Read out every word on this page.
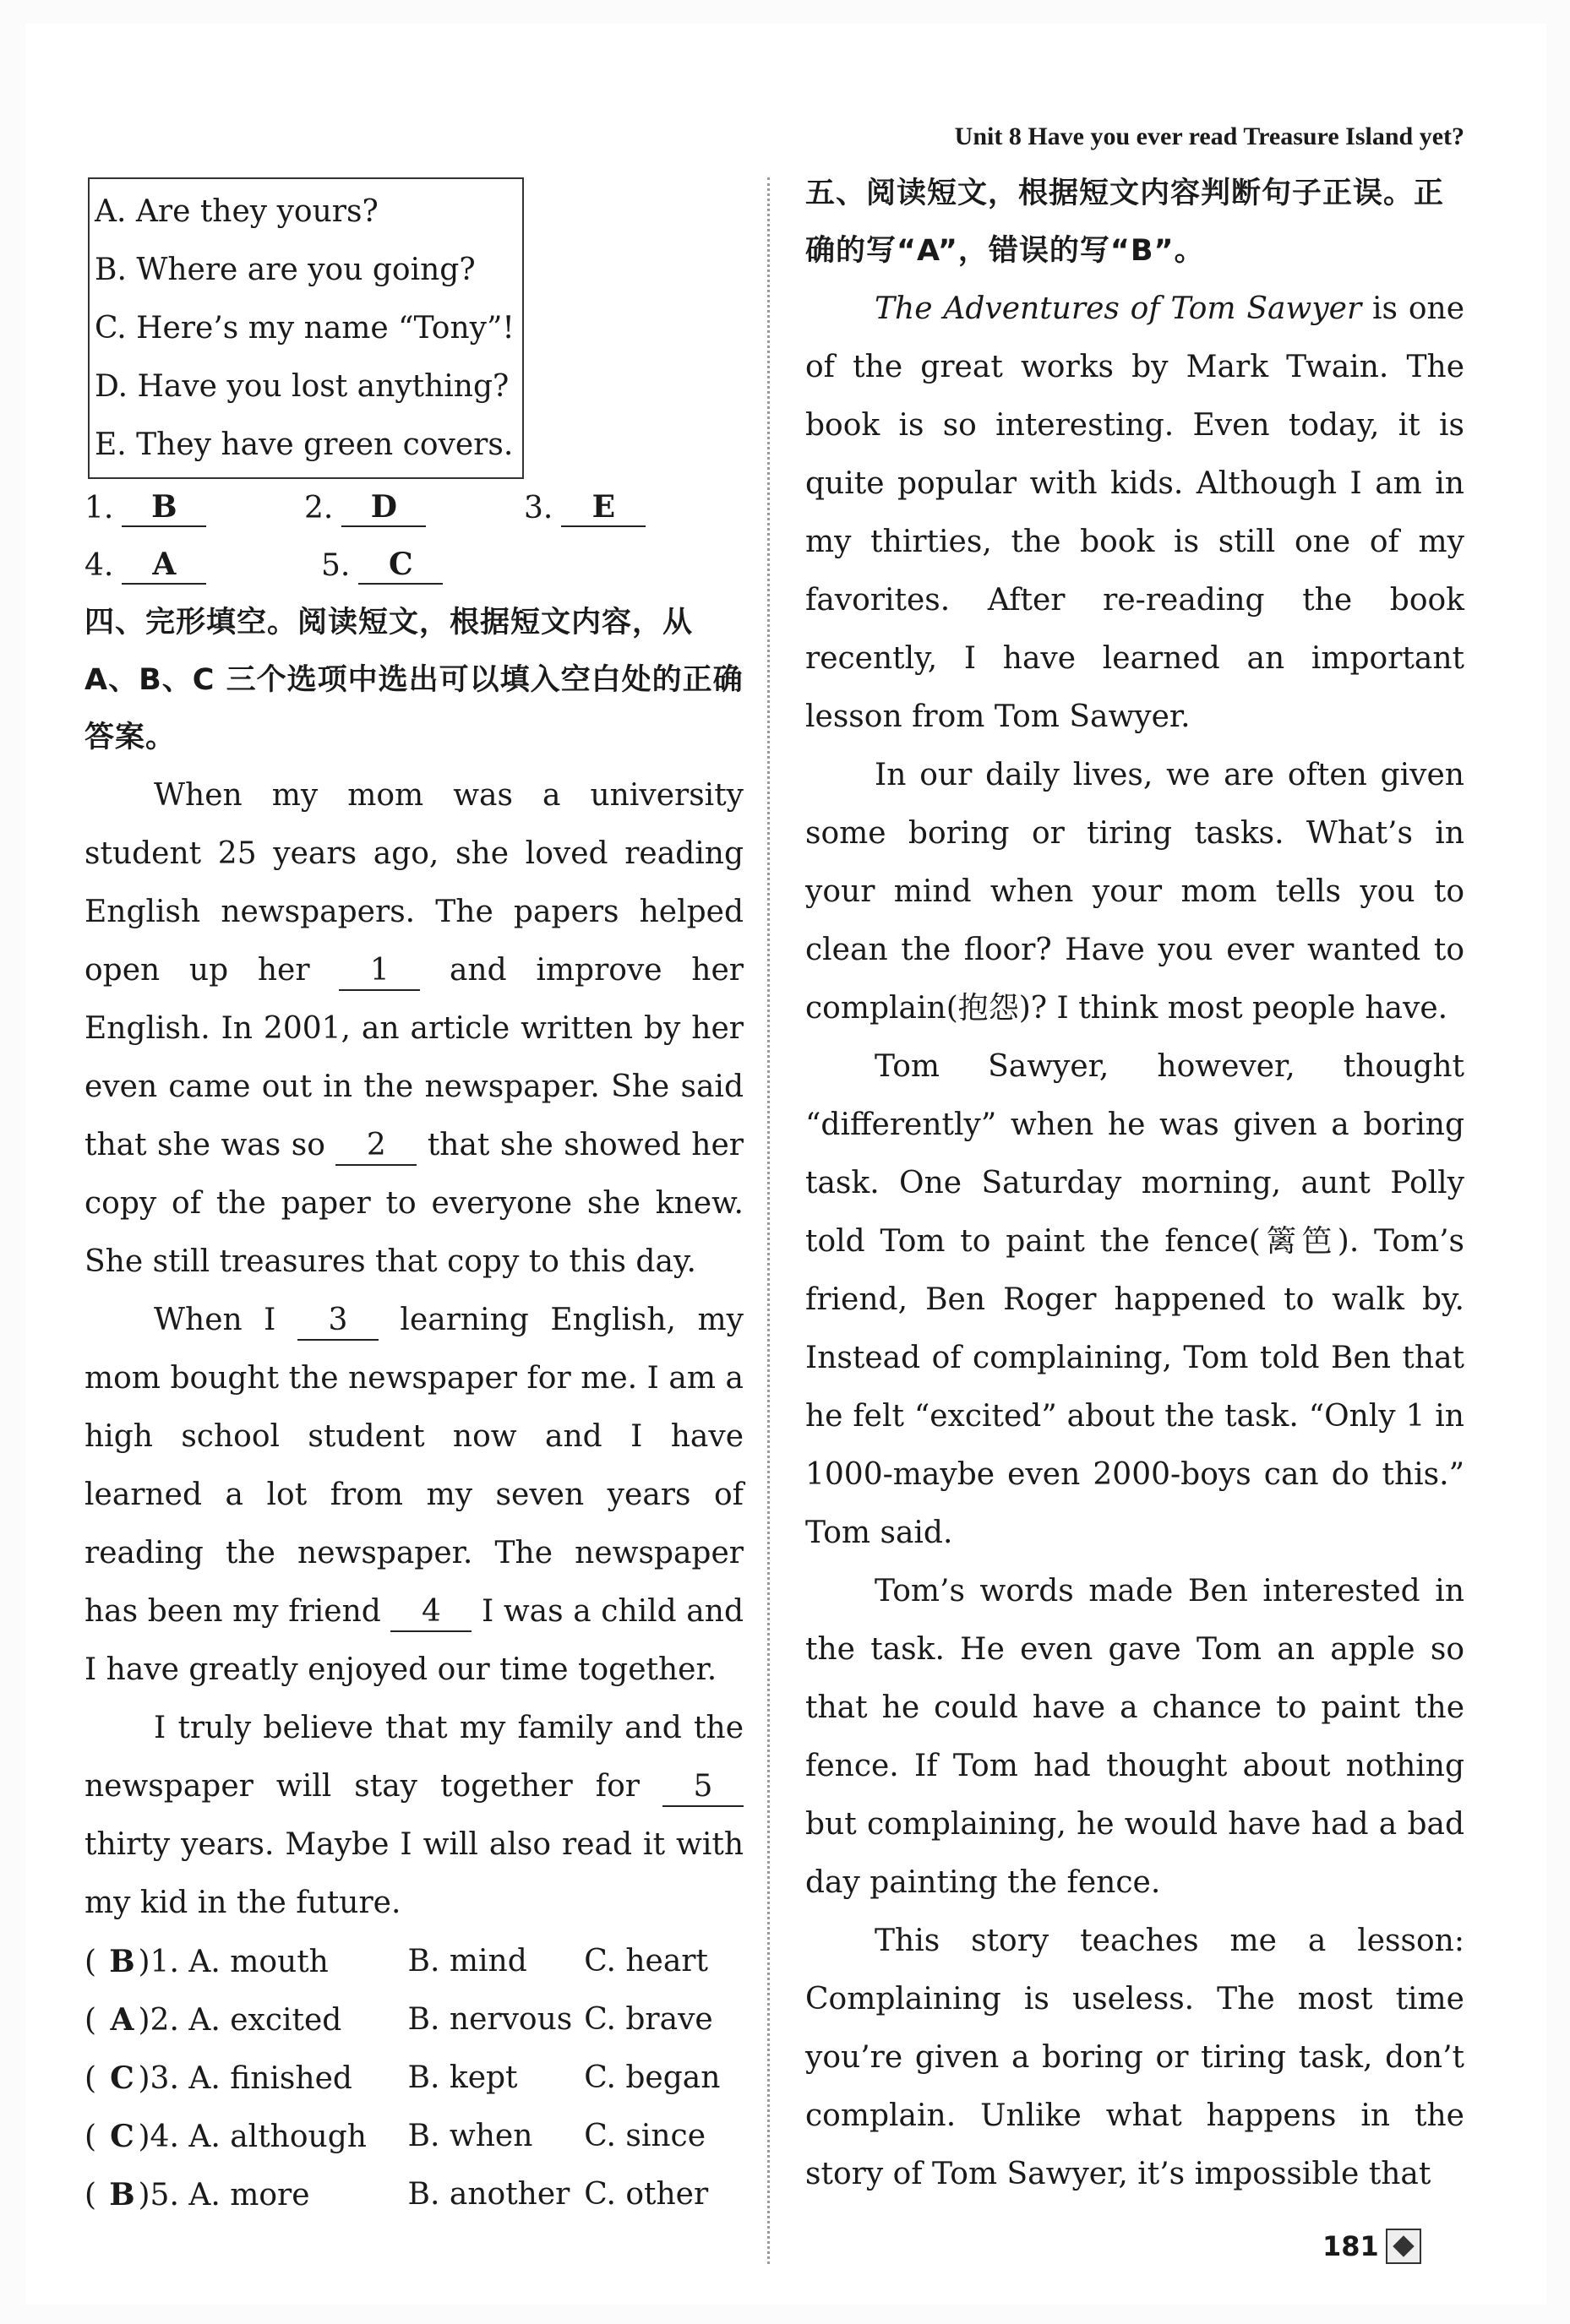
Unit 8 Have you ever read Treasure Island yet?
A. Are they yours?
B. Where are you going?
C. Here’s my name “Tony”!
D. Have you lost anything?
E. They have green covers.
1.	B	2.	D	3.	E
4.	A	5.	C
四、完形填空。阅读短文，根据短文内容，从A、B、C 三个选项中选出可以填入空白处的正确答案。

When my mom was a university student 25 years ago, she loved reading English newspapers. The papers helped open up her 1 and improve her English. In 2001, an article written by her even came out in the newspaper. She said that she was so 2 that she showed her copy of the paper to everyone she knew. She still treasures that copy to this day.

When I 3 learning English, my mom bought the newspaper for me. I am a high school student now and I have learned a lot from my seven years of reading the newspaper. The newspaper has been my friend 4 I was a child and I have greatly enjoyed our time together.

I truly believe that my family and the newspaper will stay together for 5 thirty years. Maybe I will also read it with my kid in the future.

( B )1. A. mouth	B. mind	C. heart
( A )2. A. excited	B. nervous C. brave
( C )3. A. finished	B. kept	C. began
( C )4. A. although	B. when	C. since
( B )5. A. more	B. another C. other
五、阅读短文，根据短文内容判断句子正误。正确的写“A”，错误的写“B”。

The Adventures of Tom Sawyer is one of the great works by Mark Twain. The book is so interesting. Even today, it is quite popular with kids. Although I am in my thirties, the book is still one of my favorites. After re-reading the book recently, I have learned an important lesson from Tom Sawyer.

In our daily lives, we are often given some boring or tiring tasks. What’s in your mind when your mom tells you to clean the floor? Have you ever wanted to complain(抱怨)? I think most people have.

Tom Sawyer, however, thought “differently” when he was given a boring task. One Saturday morning, aunt Polly told Tom to paint the fence(篱笆). Tom’s friend, Ben Roger happened to walk by. Instead of complaining, Tom told Ben that he felt “excited” about the task. “Only 1 in 1000-maybe even 2000-boys can do this.” Tom said.

Tom’s words made Ben interested in the task. He even gave Tom an apple so that he could have a chance to paint the fence. If Tom had thought about nothing but complaining, he would have had a bad day painting the fence.

This story teaches me a lesson: Complaining is useless. The most time you’re given a boring or tiring task, don’t complain. Unlike what happens in the story of Tom Sawyer, it’s impossible that

181
